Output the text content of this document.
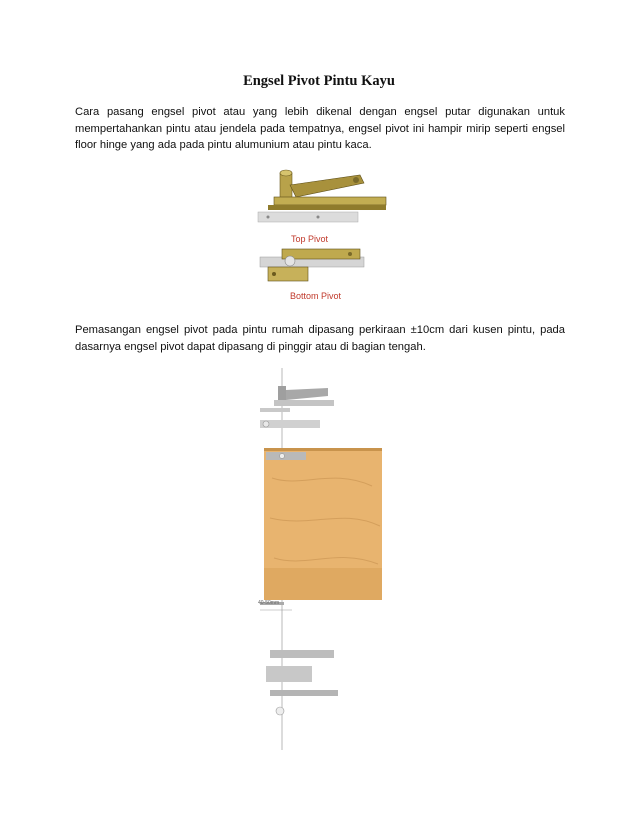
Engsel Pivot Pintu Kayu
Cara pasang engsel pivot atau yang lebih dikenal dengan engsel putar digunakan untuk mempertahankan pintu atau jendela pada tempatnya, engsel pivot ini hampir mirip seperti engsel floor hinge yang ada pada pintu alumunium atau pintu kaca.
Top Pivot
Bottom Pivot
Pemasangan engsel pivot pada pintu rumah dipasang perkiraan ±10cm dari kusen pintu, pada dasarnya engsel pivot dapat dipasang di pinggir atau di bagian tengah.
40-50mm
